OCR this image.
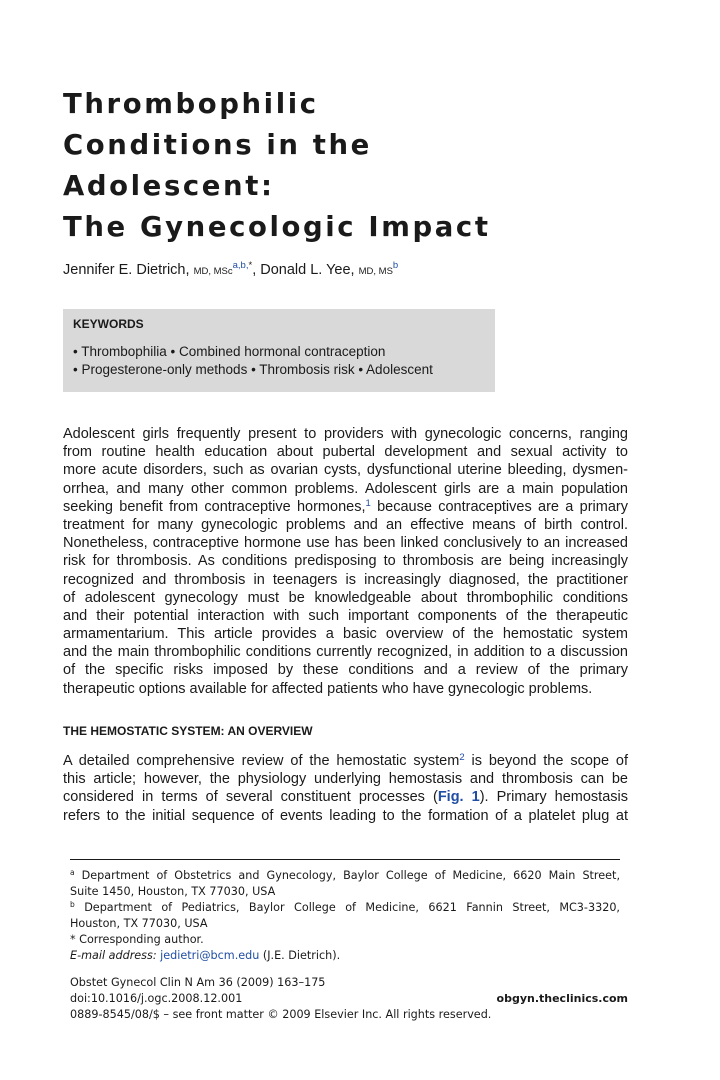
Thrombophilic
Conditions in the
Adolescent:
The Gynecologic Impact
Jennifer E. Dietrich, MD, MSc$^{a,b,*}$, Donald L. Yee, MD, $MS^b$
KEYWORDS
• Thrombophilia • Combined hormonal contraception
• Progesterone-only methods • Thrombosis risk • Adolescent
Adolescent girls frequently present to providers with gynecologic concerns, ranging
from routine health education about pubertal development and sexual activity to
more acute disorders, such as ovarian cysts, dysfunctional uterine bleeding, dysmen-
orrhea, and many other common problems. Adolescent girls are a main population
seeking benefit from contraceptive hormones,$^1$ because contraceptives are a primary
treatment for many gynecologic problems and an effective means of birth control.
Nonetheless, contraceptive hormone use has been linked conclusively to an increased
risk for thrombosis. As conditions predisposing to thrombosis are being increasingly
recognized and thrombosis in teenagers is increasingly diagnosed, the practitioner
of adolescent gynecology must be knowledgeable about thrombophilic conditions
and their potential interaction with such important components of the therapeutic
armamentarium. This article provides a basic overview of the hemostatic system
and the main thrombophilic conditions currently recognized, in addition to a discussion
of the specific risks imposed by these conditions and a review of the primary
therapeutic options available for affected patients who have gynecologic problems.
THE HEMOSTATIC SYSTEM: AN OVERVIEW
A detailed comprehensive review of the hemostatic system$^2$ is beyond the scope of
this article; however, the physiology underlying hemostasis and thrombosis can be
considered in terms of several constituent processes (Fig. 1). Primary hemostasis
refers to the initial sequence of events leading to the formation of a platelet plug at
$^a$ Department of Obstetrics and Gynecology, Baylor College of Medicine, 6620 Main Street,
Suite 1450, Houston, TX 77030, USA
$^b$ Department of Pediatrics, Baylor College of Medicine, 6621 Fannin Street, MC3-3320,
Houston, TX 77030, USA
* Corresponding author.
E-mail address: jedietri@bcm.edu (J.E. Dietrich).
Obstet Gynecol Clin N Am 36 (2009) 163–175
doi:10.1016/j.ogc.2008.12.001	obgyn.theclinics.com
0889-8545/08/$ – see front matter © 2009 Elsevier Inc. All rights reserved.
